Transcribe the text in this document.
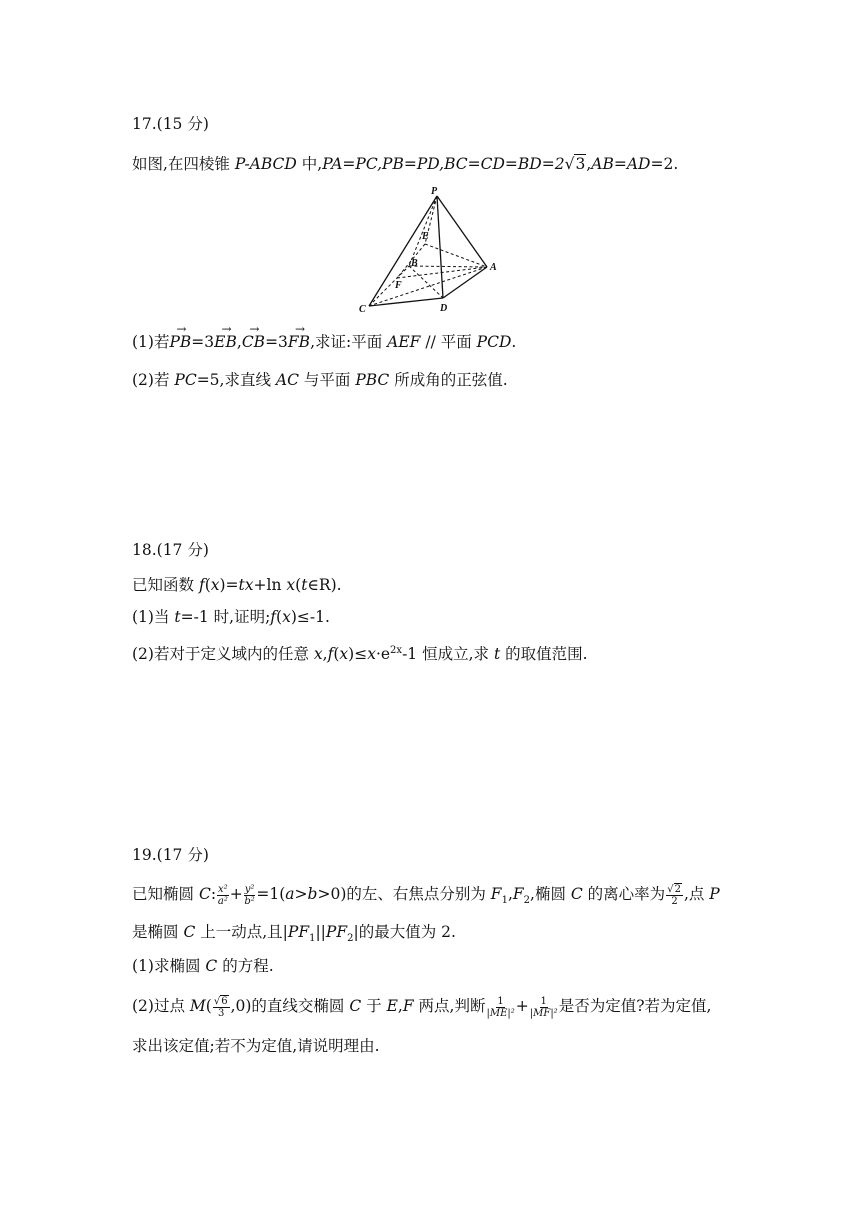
17.(15 分)
如图,在四棱锥 P-ABCD 中,PA=PC,PB=PD,BC=CD=BD=2√3,AB=AD=2.
P
E
B	A
F
C	D
(1)若→ PB=3→ EB,→ CB=3→ FB,求证:平面 AEF // 平面 PCD.
(2)若 PC=5,求直线 AC 与平面 PBC 所成角的正弦值.
18.(17 分)
已知函数 f(x)=tx+ln x(t∈R).
(1)当 t=-1 时,证明;f(x)≤-1.
(2)若对于定义域内的任意 $x,f(x)\le x\cdot e^{2x}-1$ 恒成立,求 t 的取值范围.
19.(17 分)
已知椭圆 C: $\frac{\text{x²}}{\text{a²}} + \frac{\text{y²}}{\text{b²}} =1(a>b>0)$的左、右焦点分别为 $F_1,F_2$,椭圆 C 的离心率为 $\frac{√2}{2}$ ,点 P
是椭圆 C 上一动点,且$|PF_1||PF_2|$的最大值为 2.
(1)求椭圆 C 的方程.
(2)过点 $M( \frac{√6}{3} ,0)$的直线交椭圆 C 于 E,F 两点,判断 $\frac{1}{\text{|ME|²}} + \frac{1}{\text{|MF|²}}$ 是否为定值?若为定值,
求出该定值;若不为定值,请说明理由.
